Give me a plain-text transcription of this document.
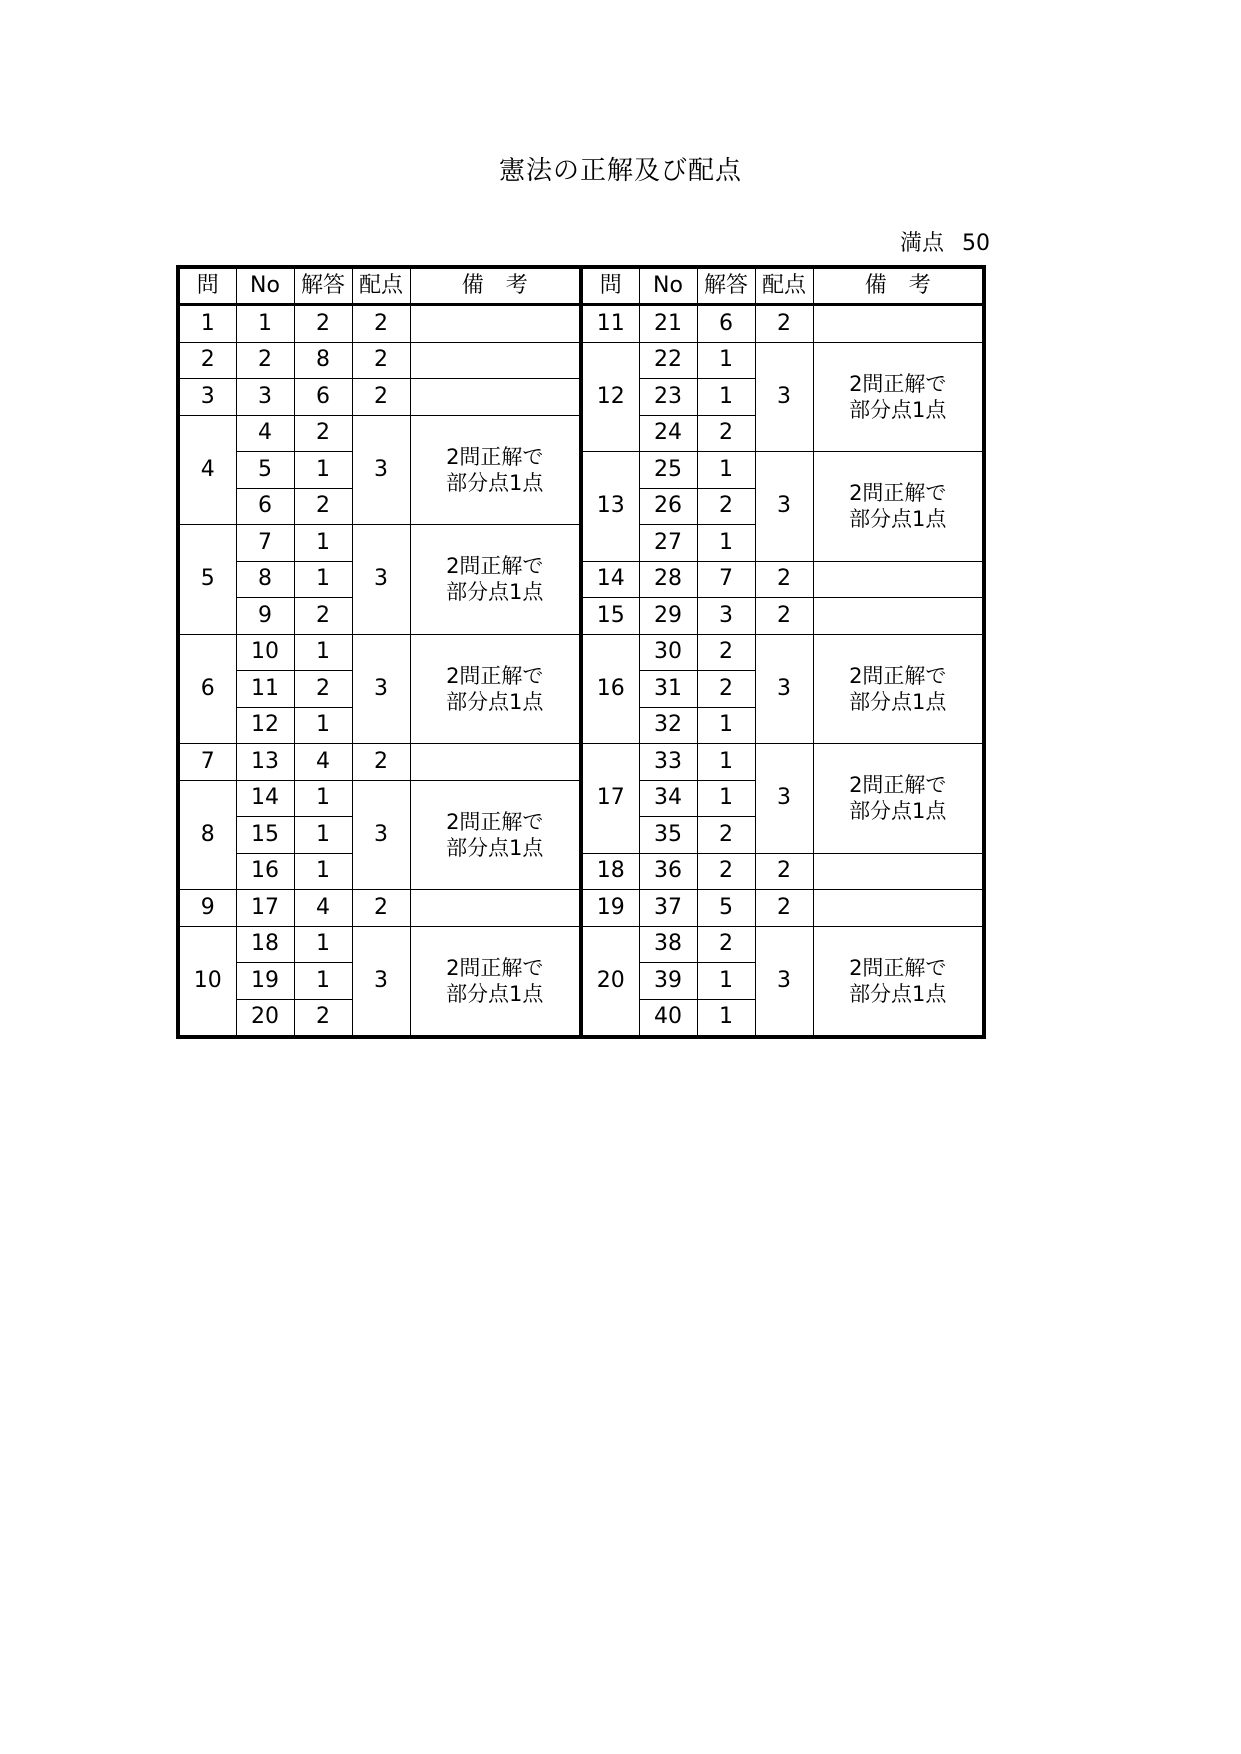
憲法の正解及び配点
満点 50
問	No	解答	配点	備　考
1	1	2	2	
2	2	8	2	
3	3	6	2	
4	4	2	3	2問正解で
部分点1点

	5	1		
	6	2		
5	7	1	3	2問正解で
部分点1点

	8	1		
	9	2		
6	10	1	3	2問正解で
部分点1点

	11	2		
	12	1		
7	13	4	2	
8	14	1	3	2問正解で
部分点1点

	15	1		
	16	1		
9	17	4	2	
10	18	1	3	2問正解で
部分点1点

	19	1		
	20	2		
問	No	解答	配点	備　考
11	21	6	2	
12	22	1	3	2問正解で
部分点1点

	23	1		
	24	2		
13	25	1	3	2問正解で
部分点1点

	26	2		
	27	1		
14	28	7	2	
15	29	3	2	
16	30	2	3	2問正解で
部分点1点

	31	2		
	32	1		
17	33	1	3	2問正解で
部分点1点

	34	1		
	35	2		
18	36	2	2	
19	37	5	2	
20	38	2	3	2問正解で
部分点1点

	39	1		
	40	1		
